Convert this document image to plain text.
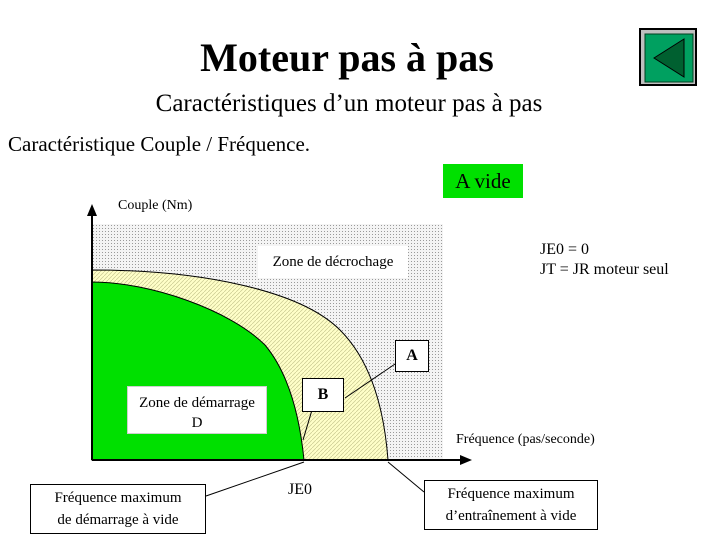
Moteur pas à pas
Caractéristiques d’un moteur pas à pas
Caractéristique Couple / Fréquence.
A vide
Couple (Nm)
Fréquence (pas/seconde)
Zone de décrochage
Zone de démarrage
D
A
B
JE0 = 0
JT = JR moteur seul
JE0
Fréquence maximum
de démarrage à vide
Fréquence maximum
d’entraînement à vide
